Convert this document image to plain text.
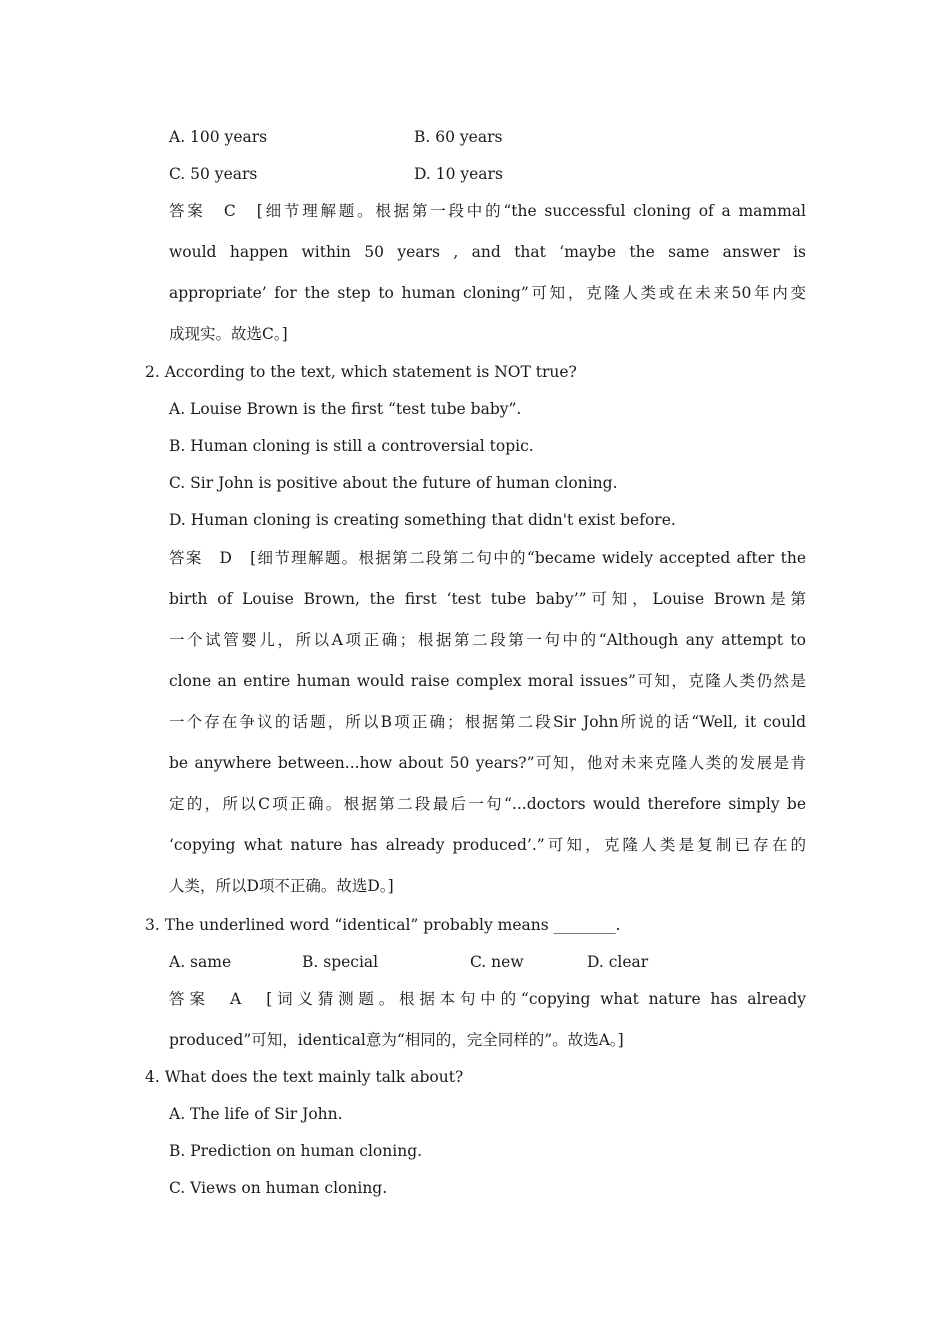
A. 100 years	B. 60 years
C. 50 years	D. 10 years
答案　C　[细节理解题。根据第一段中的“the successful cloning of a mammal
would happen within 50 years , and that ‘maybe the same answer is
appropriate’ for the step to human cloning”可知，克隆人类或在未来50年内变
成现实。故选C。]
2. According to the text, which statement is NOT true?
A. Louise Brown is the first “test tube baby”.
B. Human cloning is still a controversial topic.
C. Sir John is positive about the future of human cloning.
D. Human cloning is creating something that didn't exist before.
答案　D　[细节理解题。根据第二段第二句中的“became widely accepted after the
birth of Louise Brown, the first ‘test tube baby’”可知，Louise Brown是第
一个试管婴儿，所以A项正确；根据第二段第一句中的“Although any attempt to
clone an entire human would raise complex moral issues”可知，克隆人类仍然是
一个存在争议的话题，所以B项正确；根据第二段Sir John所说的话“Well, it could
be anywhere between...how about 50 years?”可知，他对未来克隆人类的发展是肯
定的，所以C项正确。根据第二段最后一句“...doctors would therefore simply be
‘copying what nature has already produced’.”可知，克隆人类是复制已存在的
人类，所以D项不正确。故选D。]
3. The underlined word “identical” probably means ________.
A. same	B. special	C. new	D. clear
答案　A　[词义猜测题。根据本句中的“copying what nature has already
produced”可知，identical意为“相同的，完全同样的”。故选A。]
4. What does the text mainly talk about?
A. The life of Sir John.
B. Prediction on human cloning.
C. Views on human cloning.
